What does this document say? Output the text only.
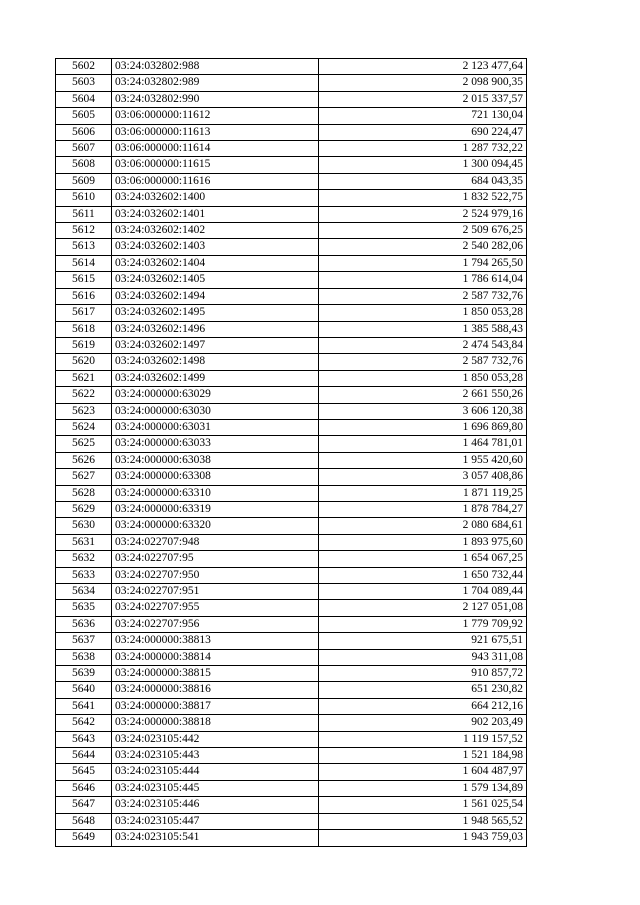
5602	03:24:032802:988	2 123 477,64
5603	03:24:032802:989	2 098 900,35
5604	03:24:032802:990	2 015 337,57
5605	03:06:000000:11612	721 130,04
5606	03:06:000000:11613	690 224,47
5607	03:06:000000:11614	1 287 732,22
5608	03:06:000000:11615	1 300 094,45
5609	03:06:000000:11616	684 043,35
5610	03:24:032602:1400	1 832 522,75
5611	03:24:032602:1401	2 524 979,16
5612	03:24:032602:1402	2 509 676,25
5613	03:24:032602:1403	2 540 282,06
5614	03:24:032602:1404	1 794 265,50
5615	03:24:032602:1405	1 786 614,04
5616	03:24:032602:1494	2 587 732,76
5617	03:24:032602:1495	1 850 053,28
5618	03:24:032602:1496	1 385 588,43
5619	03:24:032602:1497	2 474 543,84
5620	03:24:032602:1498	2 587 732,76
5621	03:24:032602:1499	1 850 053,28
5622	03:24:000000:63029	2 661 550,26
5623	03:24:000000:63030	3 606 120,38
5624	03:24:000000:63031	1 696 869,80
5625	03:24:000000:63033	1 464 781,01
5626	03:24:000000:63038	1 955 420,60
5627	03:24:000000:63308	3 057 408,86
5628	03:24:000000:63310	1 871 119,25
5629	03:24:000000:63319	1 878 784,27
5630	03:24:000000:63320	2 080 684,61
5631	03:24:022707:948	1 893 975,60
5632	03:24:022707:95	1 654 067,25
5633	03:24:022707:950	1 650 732,44
5634	03:24:022707:951	1 704 089,44
5635	03:24:022707:955	2 127 051,08
5636	03:24:022707:956	1 779 709,92
5637	03:24:000000:38813	921 675,51
5638	03:24:000000:38814	943 311,08
5639	03:24:000000:38815	910 857,72
5640	03:24:000000:38816	651 230,82
5641	03:24:000000:38817	664 212,16
5642	03:24:000000:38818	902 203,49
5643	03:24:023105:442	1 119 157,52
5644	03:24:023105:443	1 521 184,98
5645	03:24:023105:444	1 604 487,97
5646	03:24:023105:445	1 579 134,89
5647	03:24:023105:446	1 561 025,54
5648	03:24:023105:447	1 948 565,52
5649	03:24:023105:541	1 943 759,03
